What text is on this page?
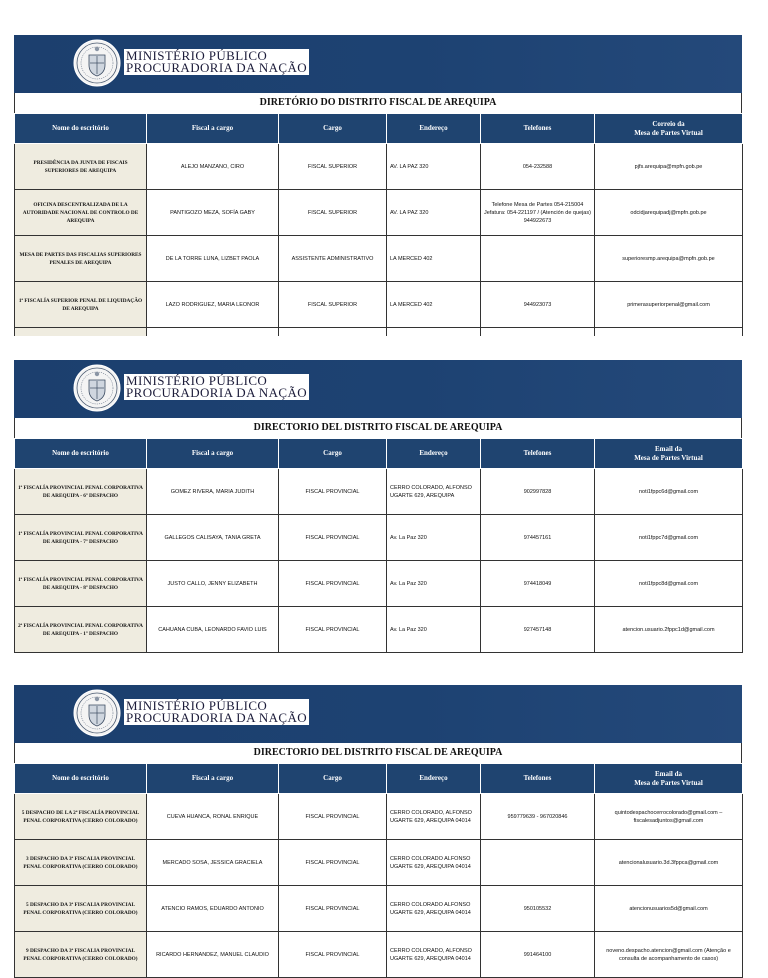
MINISTÉRIO PÚBLICO
PROCURADORIA DA NAÇÃO
DIRETÓRIO DO DISTRITO FISCAL DE AREQUIPA
Nome do escritório	Fiscal a cargo	Cargo	Endereço	Telefones	Correio da
Mesa de Partes Virtual
PRESIDÊNCIA DA JUNTA DE FISCAIS SUPERIORES DE AREQUIPA	ALEJO MANZANO, CIRO	FISCAL SUPERIOR	AV. LA PAZ 320	054-232588	pjfs.arequipa@mpfn.gob.pe
OFICINA DESCENTRALIZADA DE LA AUTORIDADE NACIONAL DE CONTROLO DE AREQUIPA	PANTIGOZO MEZA, SOFÍA GABY	FISCAL SUPERIOR	AV. LA PAZ 320	Telefone Mesa de Partes 054-215004 Jefatura: 054-221197 / (Atención de quejas) 944922673	odcidjarequipadj@mpfn.gob.pe
MESA DE PARTES DAS FISCALIAS SUPERIORES PENALES DE AREQUIPA	DE LA TORRE LUNA, LIZBET PAOLA	ASSISTENTE ADMINISTRATIVO	LA MERCED 402		superioresmp.arequipa@mpfn.gob.pe
1ª FISCALÍA SUPERIOR PENAL DE LIQUIDAÇÃO DE AREQUIPA	LAZO RODRIGUEZ, MARIA LEONOR	FISCAL SUPERIOR	LA MERCED 402	944923073	primerasuperiorpenal@gmail.com

MINISTÉRIO PÚBLICO
PROCURADORIA DA NAÇÃO
DIRECTORIO DEL DISTRITO FISCAL DE AREQUIPA
Nome do escritório	Fiscal a cargo	Cargo	Endereço	Telefones	Email da
Mesa de Partes Virtual
1ª FISCALÍA PROVINCIAL PENAL CORPORATIVA DE AREQUIPA - 6º DESPACHO	GOMEZ RIVERA, MARIA JUDITH	FISCAL PROVINCIAL	CERRO COLORADO, ALFONSO UGARTE 629, AREQUIPA	902997828	noti1fppc6d@gmail.com
1ª FISCALÍA PROVINCIAL PENAL CORPORATIVA DE AREQUIPA - 7º DESPACHO	GALLEGOS CALISAYA, TANIA GRETA	FISCAL PROVINCIAL	Av. La Paz 320	974457161	noti1fppc7d@gmail.com
1ª FISCALÍA PROVINCIAL PENAL CORPORATIVA DE AREQUIPA - 8º DESPACHO	JUSTO CALLO, JENNY ELIZABETH	FISCAL PROVINCIAL	Av. La Paz 320	974418049	noti1fppc8d@gmail.com
2ª FISCALÍA PROVINCIAL PENAL CORPORATIVA DE AREQUIPA - 1º DESPACHO	CAHUANA CUBA, LEONARDO FAVIO LUIS	FISCAL PROVINCIAL	Av. La Paz 320	927457148	atencion.usuario.2fppc1d@gmail.com
MINISTÉRIO PÚBLICO
PROCURADORIA DA NAÇÃO
DIRECTORIO DEL DISTRITO FISCAL DE AREQUIPA
Nome do escritório	Fiscal a cargo	Cargo	Endereço	Telefones	Email da
Mesa de Partes Virtual
5 DESPACHO DE LA 2ª FISCALÍA PROVINCIAL PENAL CORPORATIVA (CERRO COLORADO)	CUEVA HUANCA, RONAL ENRIQUE	FISCAL PROVINCIAL	CERRO COLORADO, ALFONSO UGARTE 629, AREQUIPA 04014	959779639 - 967020846	quintodespachocerrocolorado@gmail.com – fiscalesadjuntos@gmail.com
3 DESPACHO DA 3ª FISCALIA PROVINCIAL PENAL CORPORATIVA (CERRO COLORADO)	MERCADO SOSA, JESSICA GRACIELA	FISCAL PROVINCIAL	CERRO COLORADO ALFONSO UGARTE 629, AREQUIPA 04014		atencionalusuario.3d.3fppca@gmail.com
5 DESPACHO DA 3ª FISCALIA PROVINCIAL PENAL CORPORATIVA (CERRO COLORADO)	ATENCIO RAMOS, EDUARDO ANTONIO	FISCAL PROVINCIAL	CERRO COLORADO ALFONSO UGARTE 629, AREQUIPA 04014	950105532	atencionusuarios5d@gmail.com
9 DESPACHO DA 3ª FISCALIA PROVINCIAL PENAL CORPORATIVA (CERRO COLORADO)	RICARDO HERNANDEZ, MANUEL CLAUDIO	FISCAL PROVINCIAL	CERRO COLORADO, ALFONSO UGARTE 629, AREQUIPA 04014	991464100	noveno.despacho.atencion@gmail.com (Atenção e consulta de acompanhamento de casos)
